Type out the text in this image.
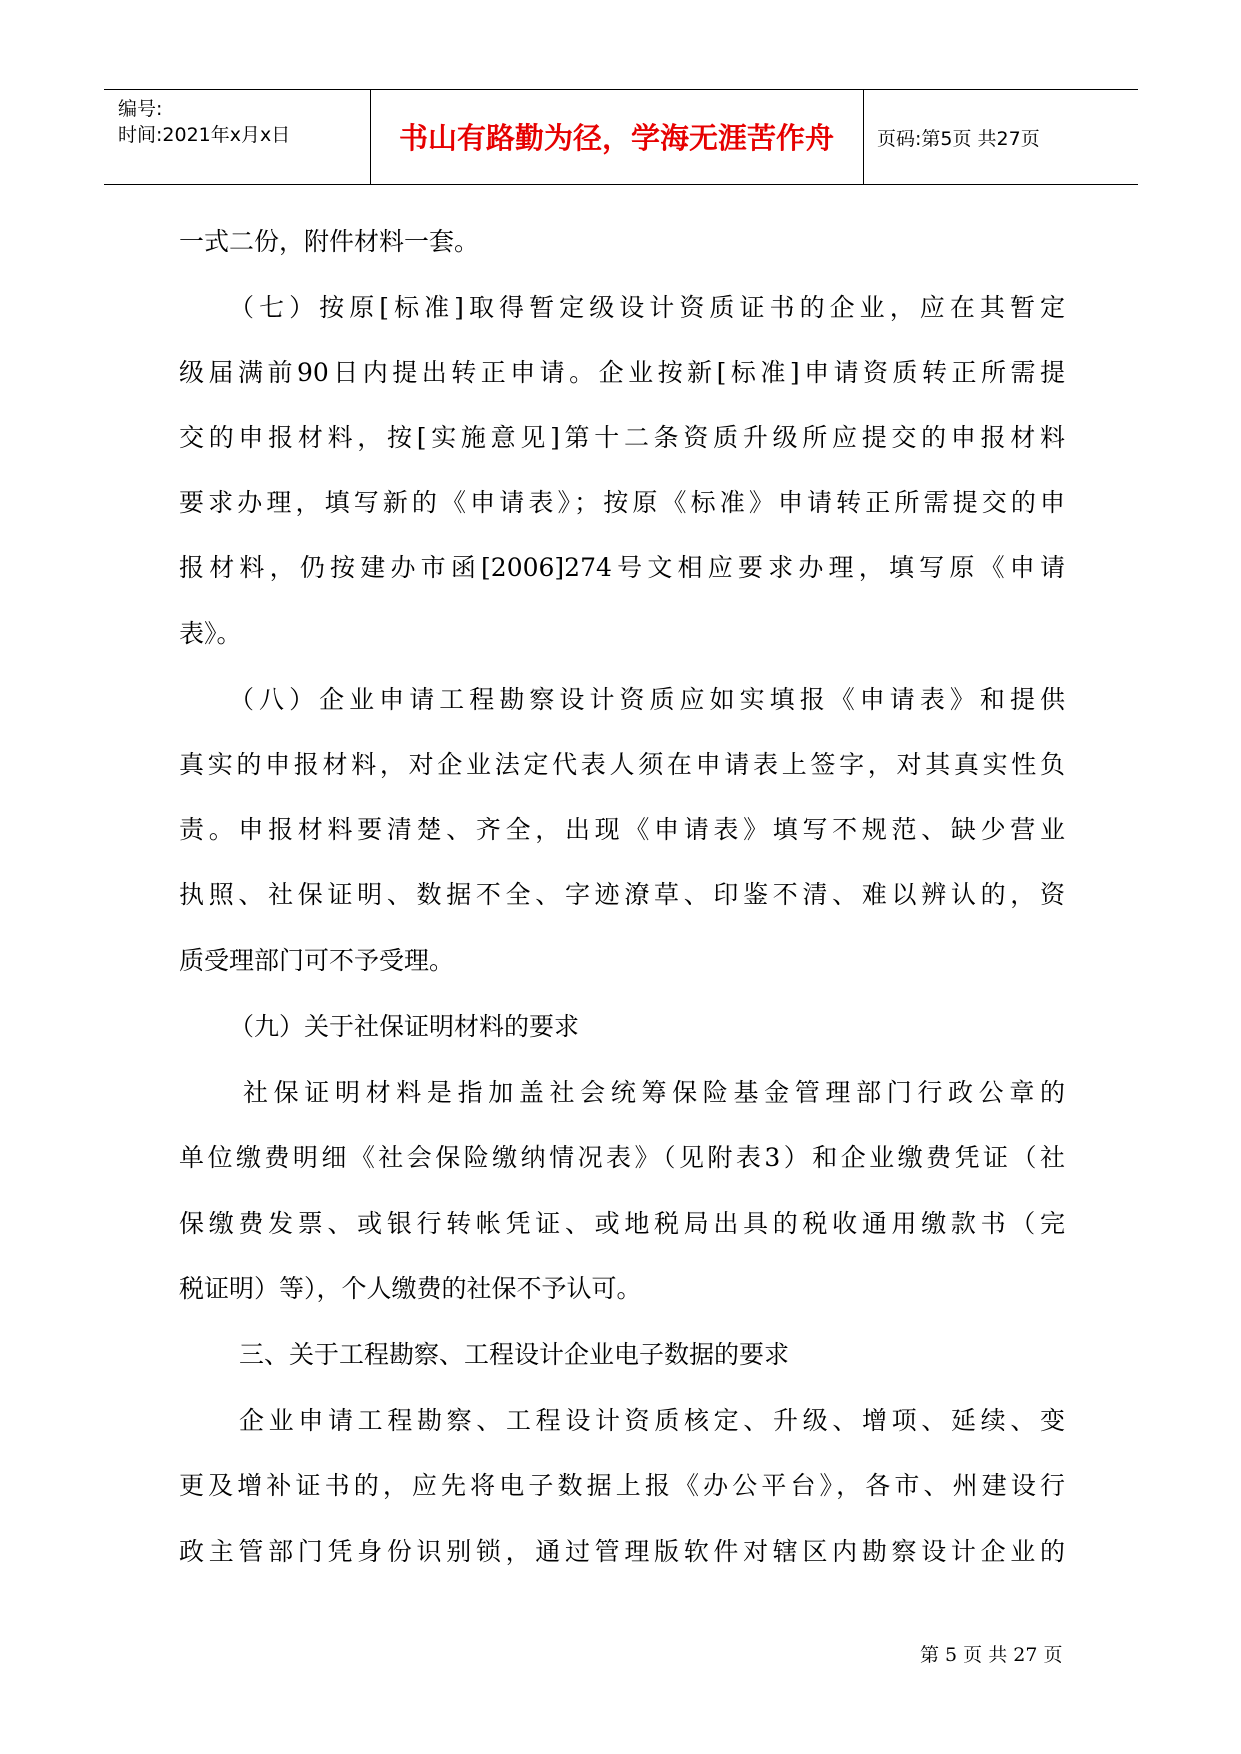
编号:
时间:2021年x月x日	书山有路勤为径，学海无涯苦作舟	页码:第5页 共27页
一式二份，附件材料一套。
（七）按原[标准]取得暂定级设计资质证书的企业，应在其暂定
级届满前90日内提出转正申请。企业按新[标准]申请资质转正所需提
交的申报材料，按[实施意见]第十二条资质升级所应提交的申报材料
要求办理，填写新的《申请表》；按原《标准》申请转正所需提交的申
报材料，仍按建办市函[2006]274号文相应要求办理，填写原《申请
表》。
（八）企业申请工程勘察设计资质应如实填报《申请表》和提供
真实的申报材料，对企业法定代表人须在申请表上签字，对其真实性负
责。申报材料要清楚、齐全，出现《申请表》填写不规范、缺少营业
执照、社保证明、数据不全、字迹潦草、印鉴不清、难以辨认的，资
质受理部门可不予受理。
（九）关于社保证明材料的要求
社保证明材料是指加盖社会统筹保险基金管理部门行政公章的
单位缴费明细《社会保险缴纳情况表》（见附表3）和企业缴费凭证（社
保缴费发票、或银行转帐凭证、或地税局出具的税收通用缴款书（完
税证明）等），个人缴费的社保不予认可。
三、关于工程勘察、工程设计企业电子数据的要求
企业申请工程勘察、工程设计资质核定、升级、增项、延续、变
更及增补证书的，应先将电子数据上报《办公平台》，各市、州建设行
政主管部门凭身份识别锁，通过管理版软件对辖区内勘察设计企业的
第 5 页 共 27 页
